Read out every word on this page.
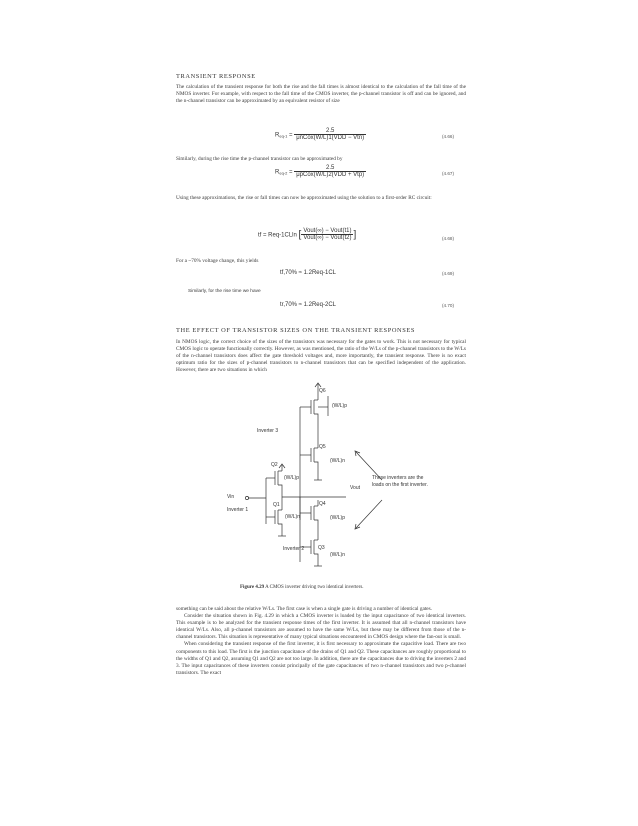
TRANSIENT RESPONSE

The calculation of the transient response for both the rise and the fall times is almost identical to the calculation of the fall time of the NMOS inverter. For example, with respect to the fall time of the CMOS inverter, the p-channel transistor is off and can be ignored, and the n-channel transistor can be approximated by an equivalent resistor of size

$R_{eq-1} = \frac{2.5}{\text{μnCox(W/L)1(VDD − Vtn)}}$	(4.66)

Similarly, during the rise time the p-channel transistor can be approximated by

$R_{eq-2} = \frac{2.5}{\text{μpCox(W/L)2(VDD + Vtp)}}$	(4.67)

Using these approximations, the rise or fall times can now be approximated using the solution to a first-order RC circuit:

tf = Req-1CLln [ $\frac{\text{Vout(∞) − Vout(t1)}}{\text{Vout(∞) − Vout(t2)}}$ ]	(4.68)

For a ~70% voltage change, this yields

tf,70% ≈ 1.2Req-1CL	(4.69)

Similarly, for the rise time we have

tr,70% ≈ 1.2Req-2CL	(4.70)
THE EFFECT OF TRANSISTOR SIZES ON THE TRANSIENT RESPONSES

In NMOS logic, the correct choice of the sizes of the transistors was necessary for the gates to work. This is not necessary for typical CMOS logic to operate functionally correctly. However, as was mentioned, the ratio of the W/Ls of the p-channel transistors to the W/Ls of the n-channel transistors does affect the gate threshold voltages and, more importantly, the transient response. There is no exact optimum ratio for the sizes of p-channel transistors to n-channel transistors that can be specified independent of the application. However, there are two situations in which

Q6
(W/L)p
Inverter 3
Q5
(W/L)n
Q2
(W/L)p
Vout
These inverters are the loads on the first inverter.
Vin
Q1	Q4
Inverter 1
(W/L)n	(W/L)p
Inverter 2	Q3
(W/L)n
Figure 4.29 A CMOS inverter driving two identical inverters.

something can be said about the relative W/Ls. The first case is when a single gate is driving a number of identical gates.

Consider the situation shown in Fig. 4.29 in which a CMOS inverter is loaded by the input capacitance of two identical inverters. This example is to be analyzed for the transient response times of the first inverter. It is assumed that all n-channel transistors have identical W/Ls. Also, all p-channel transistors are assumed to have the same W/Ls, but these may be different from those of the n-channel transistors. This situation is representative of many typical situations encountered in CMOS design where the fan-out is small.

When considering the transient response of the first inverter, it is first necessary to approximate the capacitive load. There are two components to this load. The first is the junction capacitance of the drains of Q1 and Q2. These capacitances are roughly proportional to the widths of Q1 and Q2, assuming Q1 and Q2 are not too large. In addition, there are the capacitances due to driving the inverters 2 and 3. The input capacitances of these inverters consist principally of the gate capacitances of two n-channel transistors and two p-channel transistors. The exact
